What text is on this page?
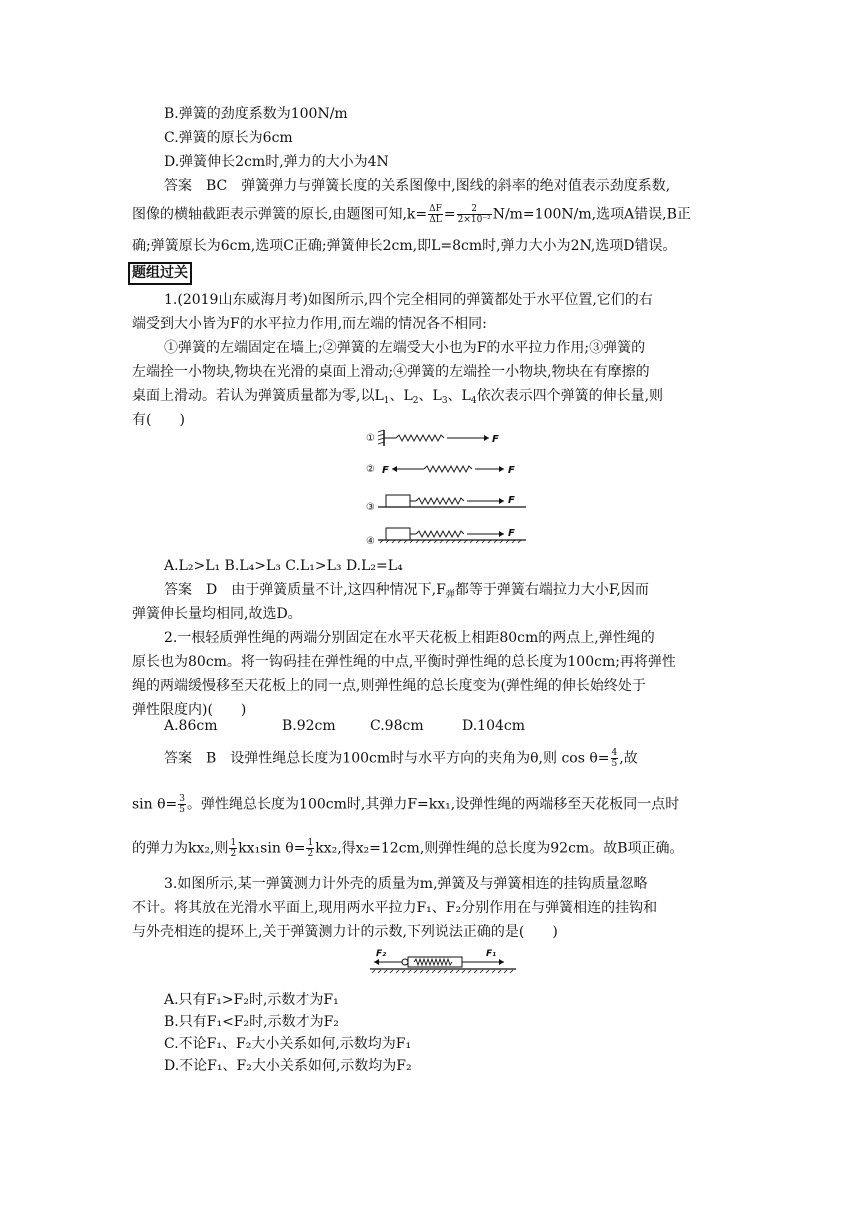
B.弹簧的劲度系数为100N/m
C.弹簧的原长为6cm
D.弹簧伸长2cm时,弹力的大小为4N
答案　BC　弹簧弹力与弹簧长度的关系图像中,图线的斜率的绝对值表示劲度系数,
图像的横轴截距表示弹簧的原长,由题图可知$,k= \frac{\Delta F}{\Delta L} = \frac{2}{\text{2×10⁻²}} N/m=100N/m$,选项A错误,B正
确;弹簧原长为6cm,选项C正确;弹簧伸长2cm,即L=8cm时,弹力大小为2N,选项D错误。
题组过关
1.(2019山东威海月考)如图所示,四个完全相同的弹簧都处于水平位置,它们的右
端受到大小皆为F的水平拉力作用,而左端的情况各不相同:
①弹簧的左端固定在墙上;②弹簧的左端受大小也为F的水平拉力作用;③弹簧的
左端拴一小物块,物块在光滑的桌面上滑动;④弹簧的左端拴一小物块,物块在有摩擦的
桌面上滑动。若认为弹簧质量都为零,以$L_1$、$L_2$、$L_3$、$L_4$依次表示四个弹簧的伸长量,则
有(　　)
①	F
② F	F
③
F
④
F
A.L₂>L₁ B.L₄>L₃ C.L₁>L₃ D.L₂=L₄
答案　D　由于弹簧质量不计,这四种情况下$,F_弹$都等于弹簧右端拉力大小F,因而
弹簧伸长量均相同,故选D。
2.一根轻质弹性绳的两端分别固定在水平天花板上相距80cm的两点上,弹性绳的
原长也为80cm。将一钩码挂在弹性绳的中点,平衡时弹性绳的总长度为100cm;再将弹性
绳的两端缓慢移至天花板上的同一点,则弹性绳的总长度变为(弹性绳的伸长始终处于
弹性限度内)(　　)
A.86cm	B.92cm C.98cm	D.104cm
答案　B　设弹性绳总长度为100cm时与水平方向的夹角为θ,则 $\cos \theta= \frac{4}{5}$ ,故
$\sin \theta= \frac{3}{5}$ 。弹性绳总长度为100cm时,其弹力F=kx₁,设弹性绳的两端移至天花板同一点时
的弹力为kx₂,则 $\frac{1}{2} kx_1\sin$ $\theta= \frac{1}{2} kx_2$,得x₂=12cm,则弹性绳的总长度为92cm。故B项正确。
3.如图所示,某一弹簧测力计外壳的质量为m,弹簧及与弹簧相连的挂钩质量忽略
不计。将其放在光滑水平面上,现用两水平拉力F₁、F₂分别作用在与弹簧相连的挂钩和
与外壳相连的提环上,关于弹簧测力计的示数,下列说法正确的是(　　)
F₂	F₁
A.只有F₁>F₂时,示数才为F₁
B.只有F₁<F₂时,示数才为F₂
C.不论F₁、F₂大小关系如何,示数均为F₁
D.不论F₁、F₂大小关系如何,示数均为F₂
